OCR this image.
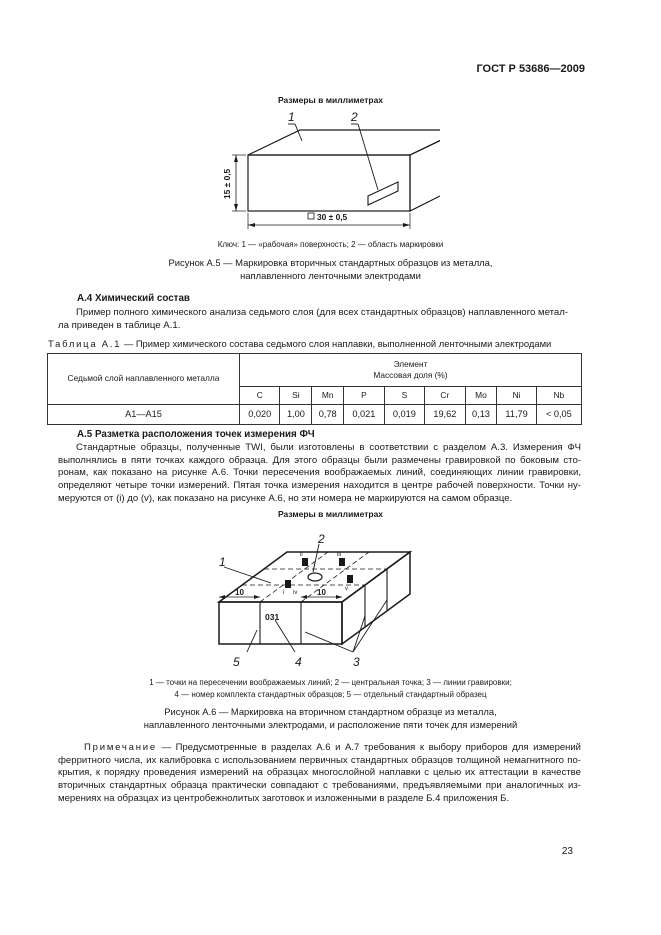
ГОСТ Р 53686—2009
Размеры в миллиметрах
1	2
15 ± 0,5
30 ± 0,5
Ключ: 1 — «рабочая» поверхность; 2 — область маркировки
Рисунок А.5 — Маркировка вторичных стандартных образцов из металла,
наплавленного ленточными электродами
А.4 Химический состав
Пример полного химического анализа седьмого слоя (для всех стандартных образцов) наплавленного метал-
ла приведен в таблице А.1.
Таблица А.1 — Пример химического состава седьмого слоя наплавки, выполненной ленточными электродами
Седьмой слой наплавленного металла	Элемент
Массовая доля (%)								

	C	Si	Mn	P	S	Cr	Mo	Ni	Nb
А1—А15	0,020	1,00	0,78	0,021	0,019	19,62	0,13	11,79	< 0,05
А.5 Разметка расположения точек измерения ФЧ
Стандартные образцы, полученные TWI, были изготовлены в соответствии с разделом А.3. Измерения ФЧ
выполнялись в пяти точках каждого образца. Для этого образцы были размечены гравировкой по боковым сто-
ронам, как показано на рисунке А.6. Точки пересечения воображаемых линий, соединяющих линии гравировки,
определяют четыре точки измерений. Пятая точка измерения находится в центре рабочей поверхности. Точки ну-
меруются от (i) до (v), как показано на рисунке А.6, но эти номера не маркируются на самом образце.
Размеры в миллиметрах
1
2
5	4	3
10	10
i
ii	iii
iv
v
031
1 — точки на пересечении воображаемых линий; 2 — центральная точка; 3 — линии гравировки;
4 — номер комплекта стандартных образцов; 5 — отдельный стандартный образец
Рисунок А.6 — Маркировка на вторичном стандартном образце из металла,
наплавленного ленточными электродами, и расположение пяти точек для измерений
Примечание — Предусмотренные в разделах А.6 и А.7 требования к выбору приборов для измерений
ферритного числа, их калибровка с использованием первичных стандартных образцов толщиной немагнитного по-
крытия, к порядку проведения измерений на образцах многослойной наплавки с целью их аттестации в качестве
вторичных стандартных образца практически совпадают с требованиями, предъявляемыми при аналогичных из-
мерениях на образцах из центробежнолитых заготовок и изложенными в разделе Б.4 приложения Б.
23
